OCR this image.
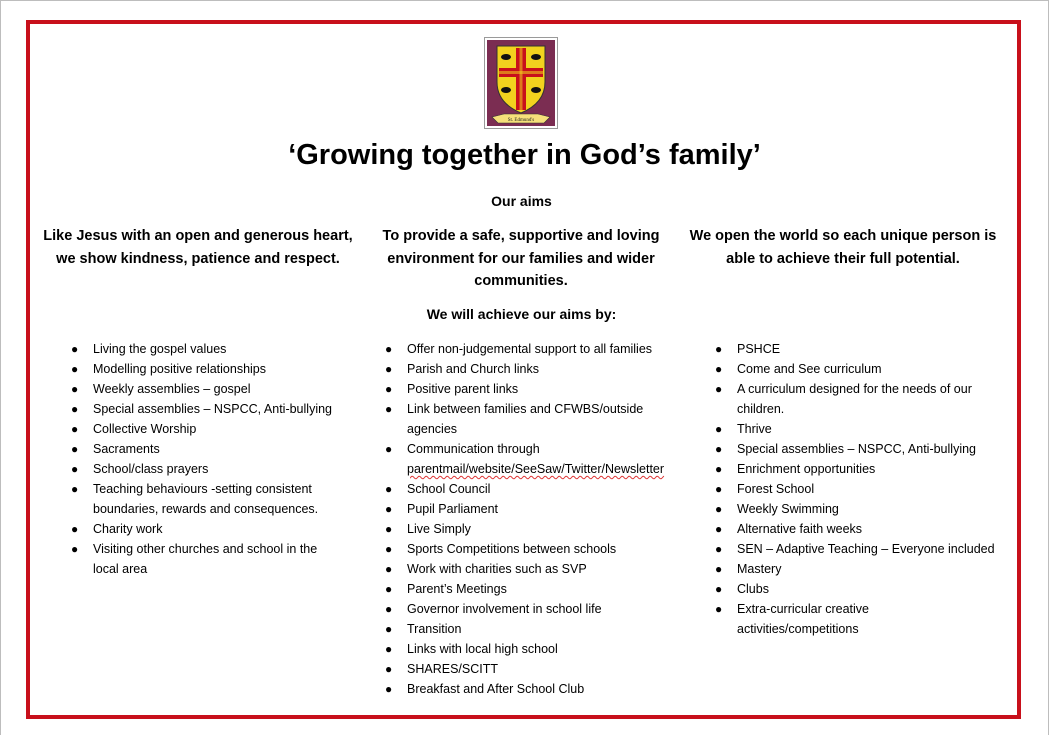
St. Edmund's
‘Growing together in God’s family’
Our aims
Like Jesus with an open and generous heart, we show kindness, patience and respect.
To provide a safe, supportive and loving environment for our families and wider communities.
We open the world so each unique person is able to achieve their full potential.
We will achieve our aims by:
● Living the gospel values
● Modelling positive relationships
● Weekly assemblies – gospel
● Special assemblies – NSPCC, Anti-bullying
● Collective Worship
● Sacraments
● School/class prayers
● Teaching behaviours -setting consistent boundaries, rewards and consequences.
● Charity work
● Visiting other churches and school in the local area
● Offer non-judgemental support to all families
● Parish and Church links
● Positive parent links
● Link between families and CFWBS/outside agencies
● Communication through
parentmail/website/SeeSaw/Twitter/Newsletter
● School Council
● Pupil Parliament
● Live Simply
● Sports Competitions between schools
● Work with charities such as SVP
● Parent’s Meetings
● Governor involvement in school life
● Transition
● Links with local high school
● SHARES/SCITT
● Breakfast and After School Club
● PSHCE
● Come and See curriculum
● A curriculum designed for the needs of our children.
● Thrive
● Special assemblies – NSPCC, Anti-bullying
● Enrichment opportunities
● Forest School
● Weekly Swimming
● Alternative faith weeks
● SEN – Adaptive Teaching – Everyone included
● Mastery
● Clubs
● Extra-curricular creative activities/competitions
